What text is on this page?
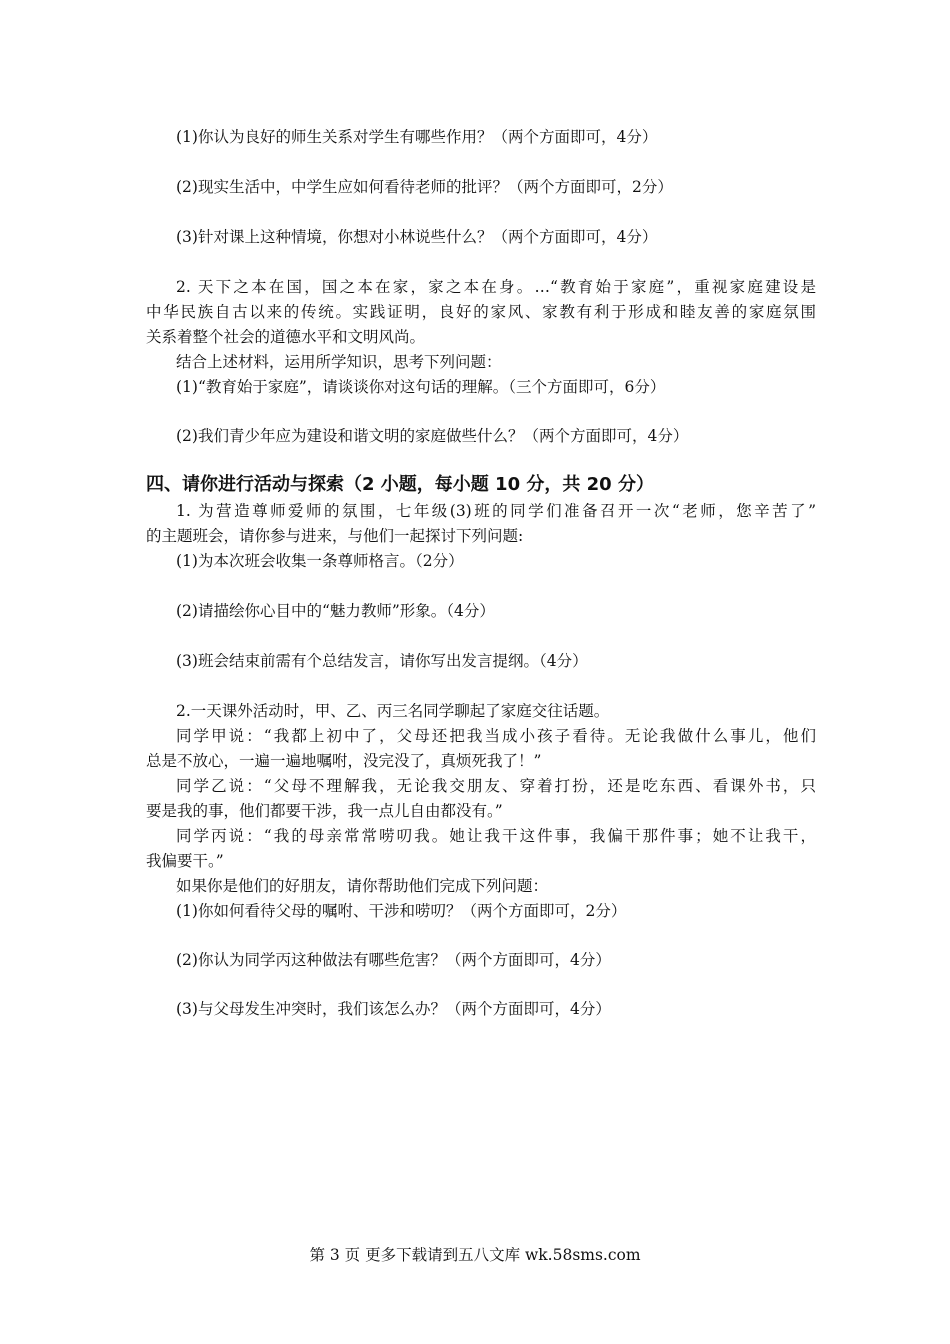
(1)你认为良好的师生关系对学生有哪些作用？（两个方面即可，4分）
(2)现实生活中，中学生应如何看待老师的批评？（两个方面即可，2分）
(3)针对课上这种情境，你想对小林说些什么？（两个方面即可，4分）
2. 天下之本在国，国之本在家，家之本在身。…“教育始于家庭”，重视家庭建设是
中华民族自古以来的传统。实践证明，良好的家风、家教有利于形成和睦友善的家庭氛围
关系着整个社会的道德水平和文明风尚。
结合上述材料，运用所学知识，思考下列问题：
(1)“教育始于家庭”，请谈谈你对这句话的理解。（三个方面即可，6分）
(2)我们青少年应为建设和谐文明的家庭做些什么？（两个方面即可，4分）
四、请你进行活动与探索（2 小题，每小题 10 分，共 20 分）
1. 为营造尊师爱师的氛围，七年级(3)班的同学们准备召开一次“老师，您辛苦了”
的主题班会，请你参与进来，与他们一起探讨下列问题:
(1)为本次班会收集一条尊师格言。（2分）
(2)请描绘你心目中的“魅力教师”形象。（4分）
(3)班会结束前需有个总结发言，请你写出发言提纲。（4分）
2.一天课外活动时，甲、乙、丙三名同学聊起了家庭交往话题。
同学甲说：“我都上初中了，父母还把我当成小孩子看待。无论我做什么事儿，他们
总是不放心，一遍一遍地嘱咐，没完没了，真烦死我了！”
同学乙说：“父母不理解我，无论我交朋友、穿着打扮，还是吃东西、看课外书，只
要是我的事，他们都要干涉，我一点儿自由都没有。”
同学丙说：“我的母亲常常唠叨我。她让我干这件事，我偏干那件事；她不让我干，
我偏要干。”
如果你是他们的好朋友，请你帮助他们完成下列问题：
(1)你如何看待父母的嘱咐、干涉和唠叨？（两个方面即可，2分）
(2)你认为同学丙这种做法有哪些危害？（两个方面即可，4分）
(3)与父母发生冲突时，我们该怎么办？（两个方面即可，4分）
第 3 页 更多下载请到五八文库 wk.58sms.com
